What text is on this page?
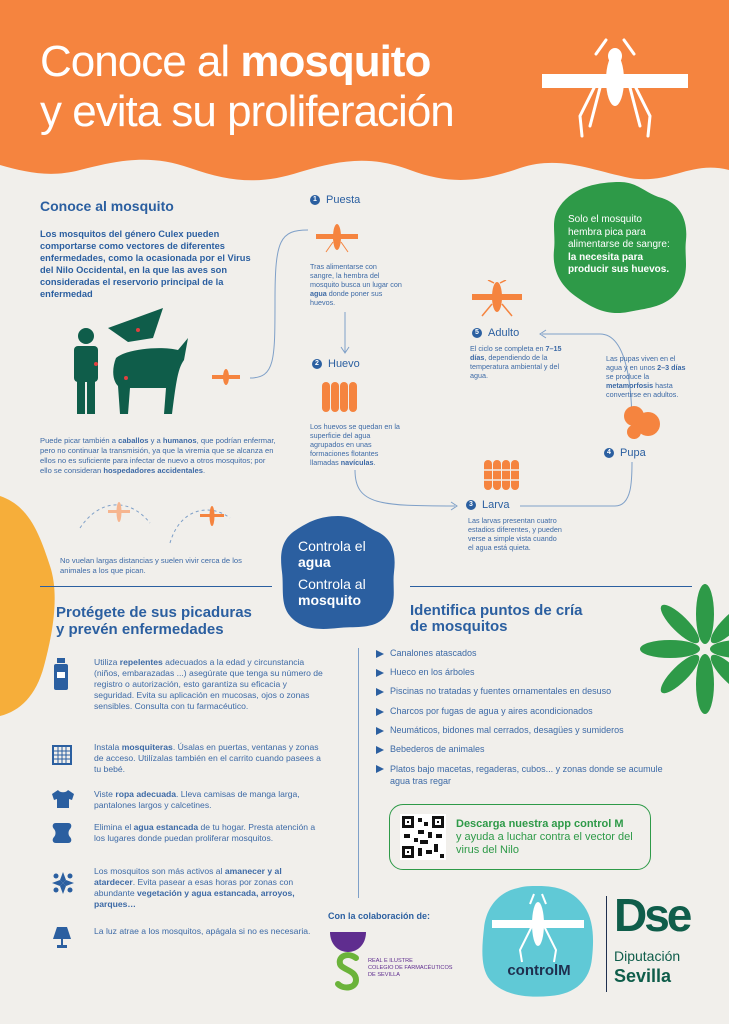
Conoce al mosquito
y evita su proliferación
Conoce al mosquito
Los mosquitos del género Culex pueden comportarse como vectores de diferentes enfermedades, como la ocasionada por el Virus del Nilo Occidental, en la que las aves son consideradas el reservorio principal de la enfermedad
Puede picar también a caballos y a humanos, que podrían enfermar, pero no continuar la transmisión, ya que la viremia que se alcanza en ellos no es suficiente para infectar de nuevo a otros mosquitos; por ello se consideran hospedadores accidentales.
No vuelan largas distancias y suelen vivir cerca de los animales a los que pican.
1 Puesta
Tras alimentarse con sangre, la hembra del mosquito busca un lugar con agua donde poner sus huevos.
2 Huevo
Los huevos se quedan en la superficie del agua agrupados en unas formaciones flotantes llamadas navículas.
3 Larva
Las larvas presentan cuatro estadios diferentes, y pueden verse a simple vista cuando el agua está quieta.
4 Pupa
Las pupas viven en el agua y en unos 2–3 días se produce la metamorfosis hasta convertirse en adultos.
5 Adulto
El ciclo se completa en 7–15 días, dependiendo de la temperatura ambiental y del agua.
Solo el mosquito hembra pica para alimentarse de sangre: la necesita para producir sus huevos.
Controla el
agua
Controla al
mosquito
Protégete de sus picaduras
y prevén enfermedades
Utiliza repelentes adecuados a la edad y circunstancia (niños, embarazadas ...) asegúrate que tenga su número de registro o autorización, esto garantiza su eficacia y seguridad. Evita su aplicación en mucosas, ojos o zonas sensibles. Consulta con tu farmacéutico.
Instala mosquiteras. Úsalas en puertas, ventanas y zonas de acceso. Utilízalas también en el carrito cuando pasees a tu bebé.
Viste ropa adecuada. Lleva camisas de manga larga, pantalones largos y calcetines.
Elimina el agua estancada de tu hogar. Presta atención a los lugares donde puedan proliferar mosquitos.
Los mosquitos son más activos al amanecer y al atardecer. Evita pasear a esas horas por zonas con abundante vegetación y agua estancada, arroyos, parques…
La luz atrae a los mosquitos, apágala si no es necesaria.
Identifica puntos de cría
de mosquitos
Canalones atascados
Hueco en los árboles
Piscinas no tratadas y fuentes ornamentales en desuso
Charcos por fugas de agua y aires acondicionados
Neumáticos, bidones mal cerrados, desagües y sumideros
Bebederos de animales
Platos bajo macetas, regaderas, cubos... y zonas donde se acumule agua tras regar
Descarga nuestra app control M
y ayuda a luchar contra el vector del virus del Nilo
Con la colaboración de:
REAL E ILUSTRE
COLEGIO DE FARMACÉUTICOS
DE SEVILLA	controlM
Dse
Diputación
Sevilla
